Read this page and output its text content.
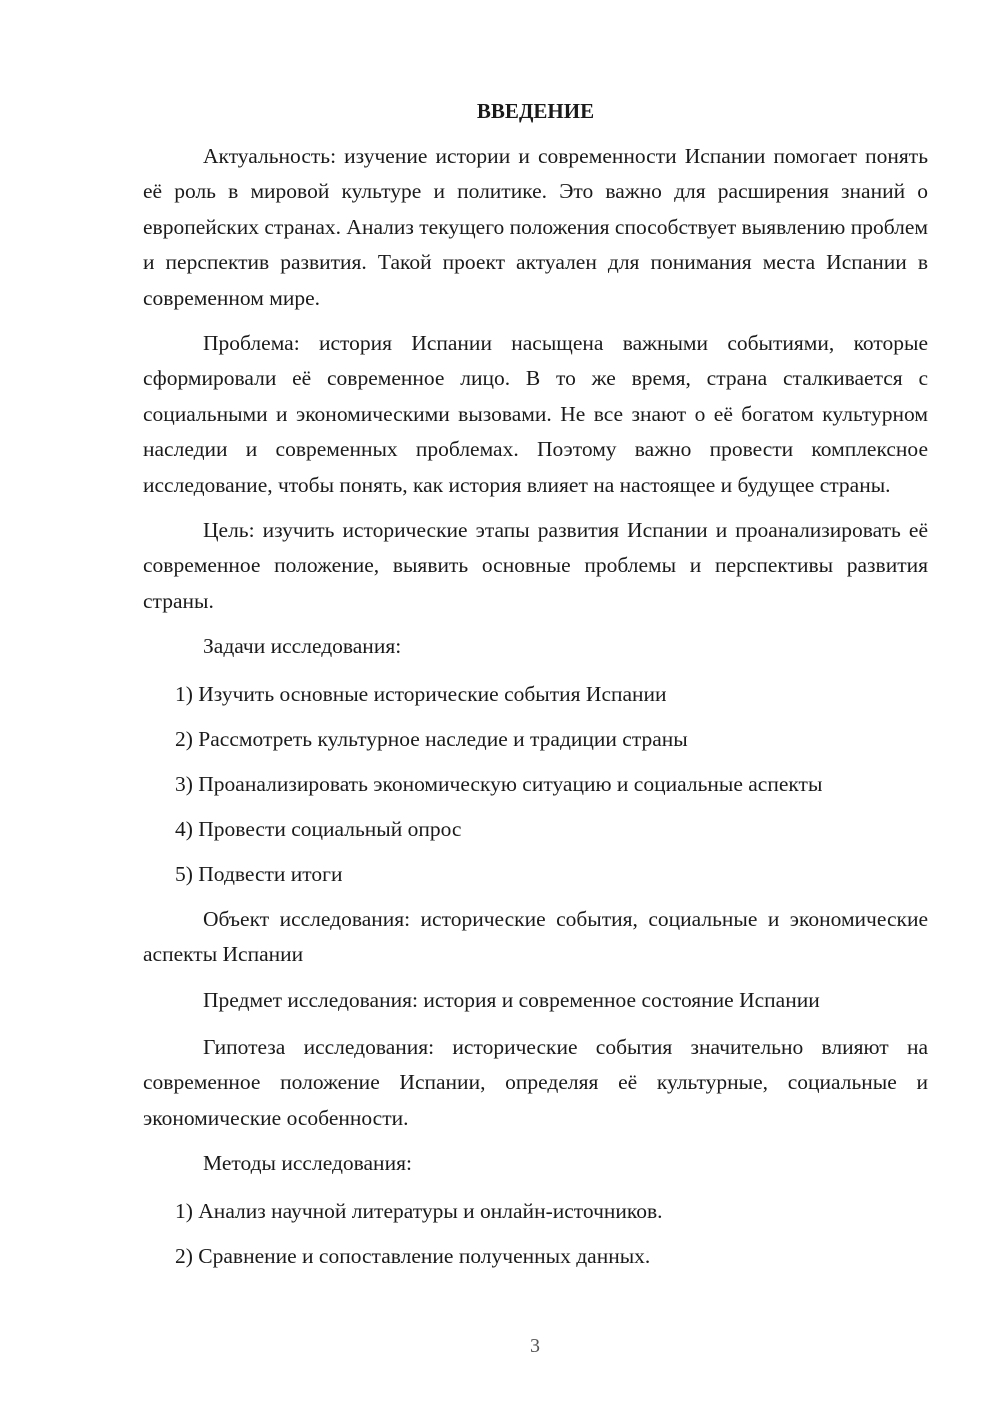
ВВЕДЕНИЕ

Актуальность: изучение истории и современности Испании помогает понять её роль в мировой культуре и политике. Это важно для расширения знаний о европейских странах. Анализ текущего положения способствует выявлению проблем и перспектив развития. Такой проект актуален для понимания места Испании в современном мире.

Проблема: история Испании насыщена важными событиями, которые сформировали её современное лицо. В то же время, страна сталкивается с социальными и экономическими вызовами. Не все знают о её богатом культурном наследии и современных проблемах. Поэтому важно провести комплексное исследование, чтобы понять, как история влияет на настоящее и будущее страны.

Цель: изучить исторические этапы развития Испании и проанализировать её современное положение, выявить основные проблемы и перспективы развития страны.

Задачи исследования:

1) Изучить основные исторические события Испании
2) Рассмотреть культурное наследие и традиции страны
3) Проанализировать экономическую ситуацию и социальные аспекты
4) Провести социальный опрос
5) Подвести итоги

Объект исследования: исторические события, социальные и экономические аспекты Испании

Предмет исследования: история и современное состояние Испании

Гипотеза исследования: исторические события значительно влияют на современное положение Испании, определяя её культурные, социальные и экономические особенности.

Методы исследования:

1) Анализ научной литературы и онлайн-источников.
2) Сравнение и сопоставление полученных данных.
3
